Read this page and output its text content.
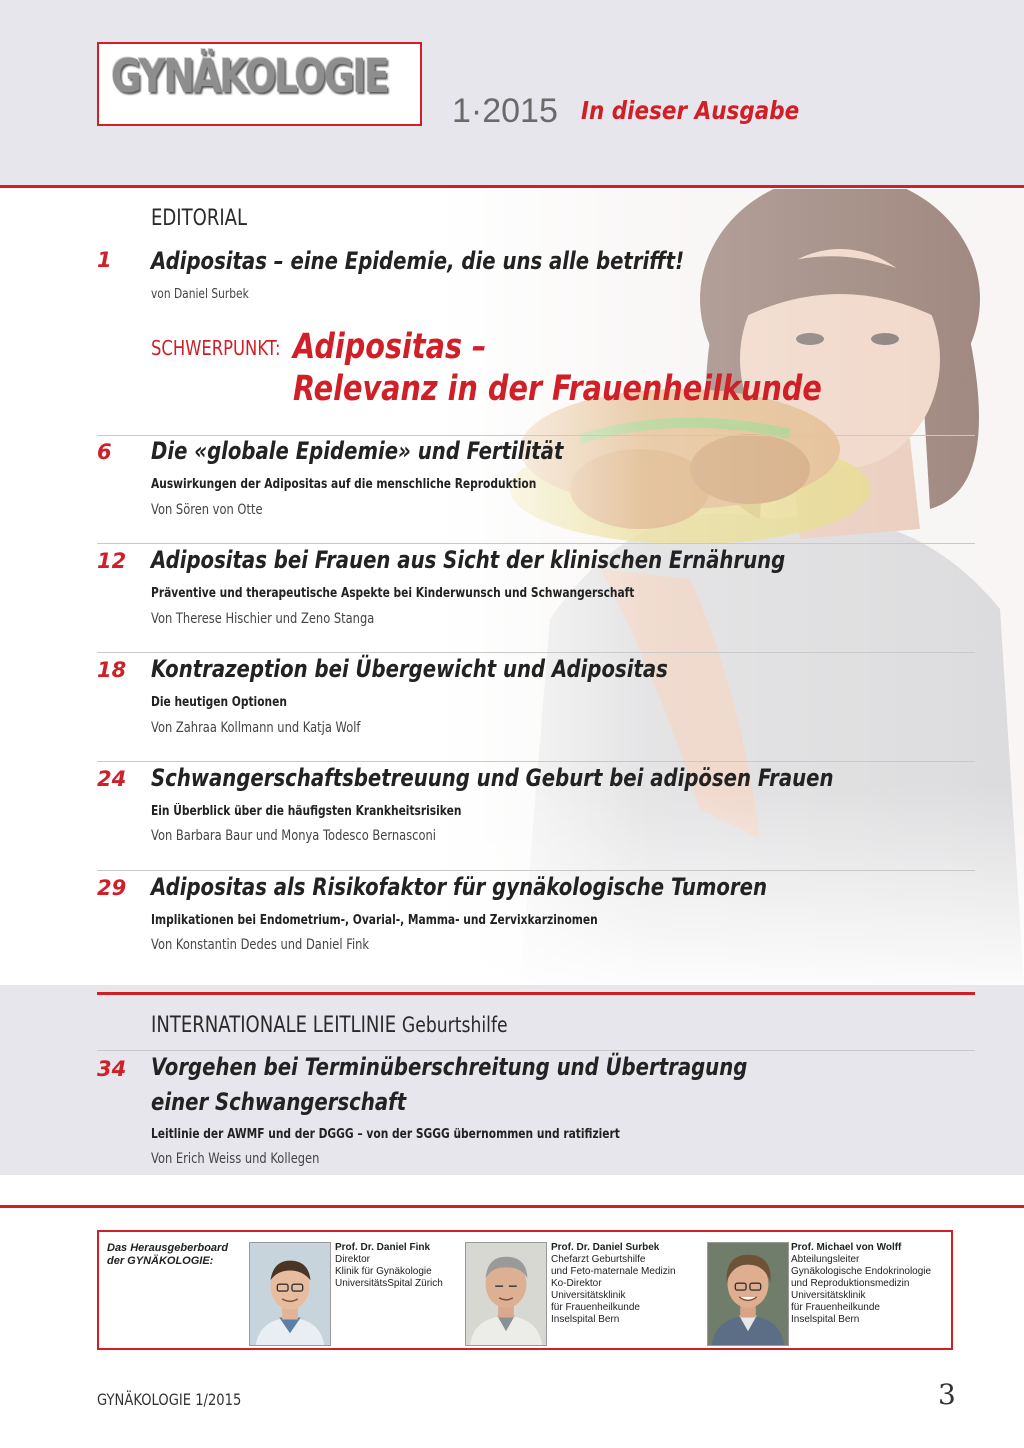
GYNÄKOLOGIE
1·2015 In dieser Ausgabe
EDITORIAL
1 Adipositas – eine Epidemie, die uns alle betrifft!
von Daniel Surbek
SCHWERPUNKT: Adipositas –
Relevanz in der Frauenheilkunde
6 Die «globale Epidemie» und Fertilität
Auswirkungen der Adipositas auf die menschliche Reproduktion
Von Sören von Otte
12 Adipositas bei Frauen aus Sicht der klinischen Ernährung
Präventive und therapeutische Aspekte bei Kinderwunsch und Schwangerschaft
Von Therese Hischier und Zeno Stanga
18 Kontrazeption bei Übergewicht und Adipositas
Die heutigen Optionen
Von Zahraa Kollmann und Katja Wolf
24 Schwangerschaftsbetreuung und Geburt bei adipösen Frauen
Ein Überblick über die häufigsten Krankheitsrisiken
Von Barbara Baur und Monya Todesco Bernasconi
29 Adipositas als Risikofaktor für gynäkologische Tumoren
Implikationen bei Endometrium-, Ovarial-, Mamma- und Zervixkarzinomen
Von Konstantin Dedes und Daniel Fink
INTERNATIONALE LEITLINIE Geburtshilfe
34 Vorgehen bei Terminüberschreitung und Übertragung
einer Schwangerschaft
Leitlinie der AWMF und der DGGG – von der SGGG übernommen und ratifiziert
Von Erich Weiss und Kollegen
Das Herausgeberboard
der GYNÄKOLOGIE:
Prof. Dr. Daniel Fink
Direktor
Klinik für Gynäkologie
UniversitätsSpital Zürich
Prof. Dr. Daniel Surbek
Chefarzt Geburtshilfe
und Feto-maternale Medizin
Ko-Direktor
Universitätsklinik
für Frauenheilkunde
Inselspital Bern
Prof. Michael von Wolff
Abteilungsleiter
Gynäkologische Endokrinologie
und Reproduktionsmedizin
Universitätsklinik
für Frauenheilkunde
Inselspital Bern
GYNÄKOLOGIE 1/2015	3
